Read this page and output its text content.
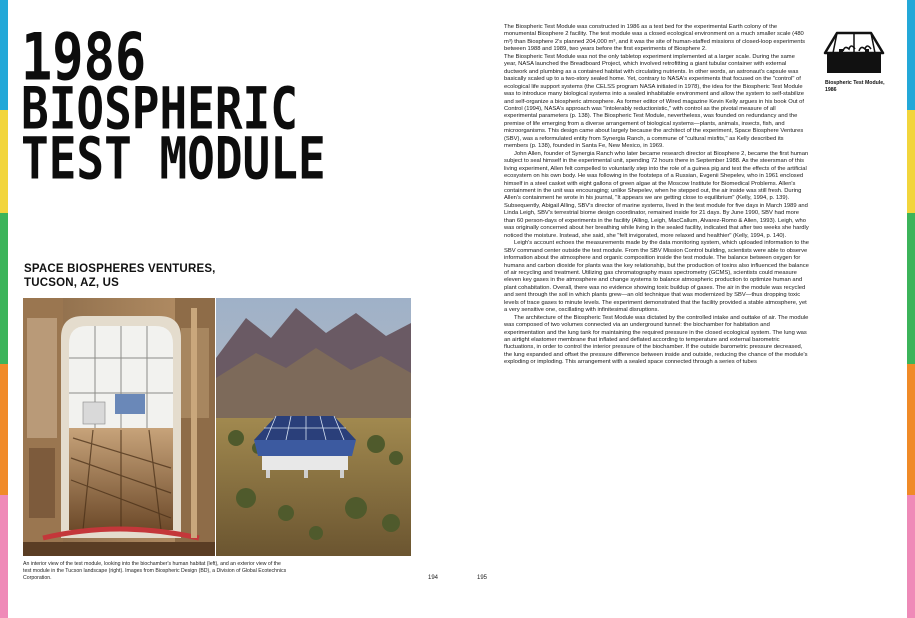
1986
BIOSPHERIC
TEST MODULE
SPACE BIOSPHERES VENTURES,
TUCSON, AZ, US
An interior view of the test module, looking into the biochamber's human habitat (left), and an exterior view of the test module in the Tucson landscape (right). Images from Biospheric Design (BD), a Division of Global Ecotechnics Corporation.	194	195

The Biospheric Test Module was constructed in 1986 as a test bed for the experimental Earth colony of the monumental Biosphere 2 facility. The test module was a closed ecological environment on a much smaller scale (480 m³) than Biosphere 2's planned 204,000 m³, and it was the site of human-staffed missions of closed-loop experiments between 1988 and 1989, two years before the first experiments of Biosphere 2.

The Biospheric Test Module was not the only tabletop experiment implemented at a larger scale. During the same year, NASA launched the Breadboard Project, which involved retrofitting a giant tubular container with external ductwork and plumbing as a contained habitat with circulating nutrients. In other words, an astronaut's capsule was basically scaled up to a two-story sealed home. Yet, contrary to NASA's experiments that focused on the "control" of ecological life support systems (the CELSS program NASA initiated in 1978), the idea for the Biospheric Test Module was to introduce many biological systems into a sealed inhabitable environment and allow the system to self-stabilize and self-organize a biospheric atmosphere. As former editor of Wired magazine Kevin Kelly argues in his book Out of Control (1994), NASA's approach was "intolerably reductionistic," with control as the pivotal measure of all experimental parameters (p. 138). The Biospheric Test Module, nevertheless, was founded on redundancy and the premise of life emerging from a diverse arrangement of biological systems—plants, animals, insects, fish, and microorganisms. This design came about largely because the architect of the experiment, Space Biosphere Ventures (SBV), was a reformulated entity from Synergia Ranch, a commune of "cultural misfits," as Kelly described its members (p. 138), founded in Santa Fe, New Mexico, in 1969.

John Allen, founder of Synergia Ranch who later became research director at Biosphere 2, became the first human subject to seal himself in the experimental unit, spending 72 hours there in September 1988. As the steersman of this living experiment, Allen felt compelled to voluntarily step into the role of a guinea pig and test the effects of the artificial ecosystem on his own body. He was following in the footsteps of a Russian, Evgenii Shepelev, who in 1961 enclosed himself in a steel casket with eight gallons of green algae at the Moscow Institute for Biomedical Problems. Allen's containment in the unit was encouraging; unlike Shepelev, when he stepped out, the air inside was still fresh. During Allen's containment he wrote in his journal, "It appears we are getting close to equilibrium" (Kelly, 1994, p. 139). Subsequently, Abigail Alling, SBV's director of marine systems, lived in the test module for five days in March 1989 and Linda Leigh, SBV's terrestrial biome design coordinator, remained inside for 21 days. By June 1990, SBV had more than 60 person-days of experiments in the facility (Alling, Leigh, MacCallum, Alvarez-Romo & Allen, 1993). Leigh, who was originally concerned about her breathing while living in the sealed facility, indicated that after two weeks she hardly noticed the moisture. Instead, she said, she "felt invigorated, more relaxed and healthier" (Kelly, 1994, p. 140).

Leigh's account echoes the measurements made by the data monitoring system, which uploaded information to the SBV command center outside the test module. From the SBV Mission Control building, scientists were able to observe information about the atmosphere and organic composition inside the test module. The balance between oxygen for humans and carbon dioxide for plants was the key relationship, but the production of toxins also influenced the balance of air recycling and treatment. Utilizing gas chromatography mass spectrometry (GCMS), scientists could measure eleven key gases in the atmosphere and change systems to balance atmospheric production to optimize human and plant cohabitation. Overall, there was no evidence showing toxic buildup of gases. The air in the module was recycled and sent through the soil in which plants grew—an old technique that was modernized by SBV—thus dropping toxic levels of trace gases to minute levels. The experiment demonstrated that the facility provided a stable atmosphere, yet a very sensitive one, oscillating with infinitesimal disruptions.

The architecture of the Biospheric Test Module was dictated by the controlled intake and outtake of air. The module was composed of two volumes connected via an underground tunnel: the biochamber for habitation and experimentation and the lung tank for maintaining the required pressure in the closed ecological system. The lung was an airtight elastomer membrane that inflated and deflated according to temperature and external barometric fluctuations, in order to control the interior pressure of the biochamber. If the outside barometric pressure decreased, the lung expanded and offset the pressure difference between inside and outside, reducing the chance of the module's exploding or imploding. This arrangement with a sealed space connected through a series of tubes

Biospheric Test Module,
1986
